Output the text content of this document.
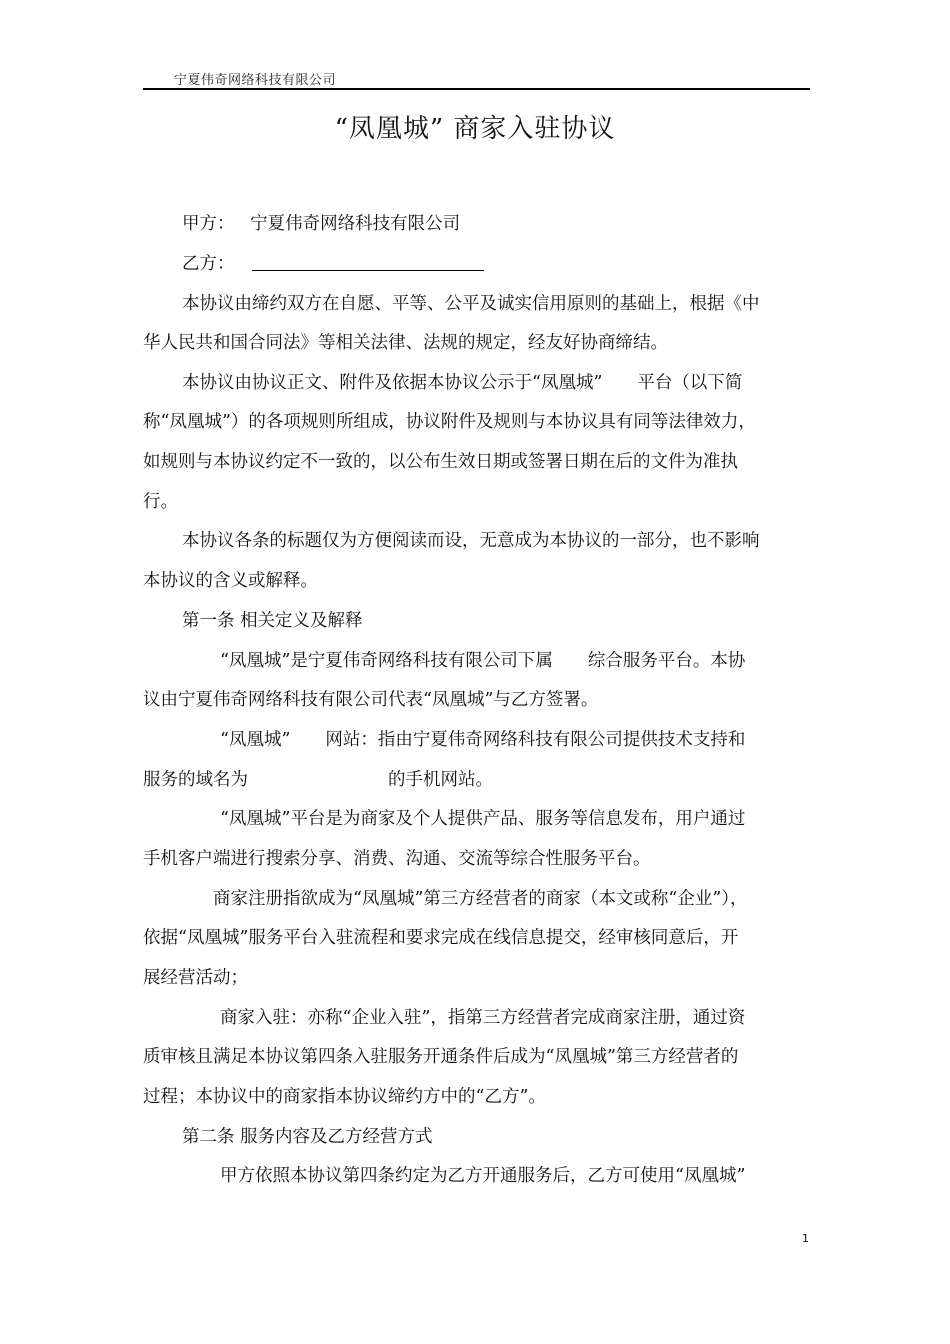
宁夏伟奇网络科技有限公司
“凤凰城” 商家入驻协议
甲方： 宁夏伟奇网络科技有限公司
乙方：
本协议由缔约双方在自愿、平等、公平及诚实信用原则的基础上，根据《中
华人民共和国合同法》等相关法律、法规的规定，经友好协商缔结。
本协议由协议正文、附件及依据本协议公示于“凤凰城”　　平台（以下简
称“凤凰城”）的各项规则所组成，协议附件及规则与本协议具有同等法律效力，
如规则与本协议约定不一致的，以公布生效日期或签署日期在后的文件为准执
行。
本协议各条的标题仅为方便阅读而设，无意成为本协议的一部分，也不影响
本协议的含义或解释。
第一条 相关定义及解释
“凤凰城”是宁夏伟奇网络科技有限公司下属　　综合服务平台。本协
议由宁夏伟奇网络科技有限公司代表“凤凰城”与乙方签署。
“凤凰城”　　网站：指由宁夏伟奇网络科技有限公司提供技术支持和
服务的域名为　　　　　　　　的手机网站。
“凤凰城”平台是为商家及个人提供产品、服务等信息发布，用户通过
手机客户端进行搜索分享、消费、沟通、交流等综合性服务平台。
商家注册指欲成为“凤凰城”第三方经营者的商家（本文或称“企业”），
依据“凤凰城”服务平台入驻流程和要求完成在线信息提交，经审核同意后，开
展经营活动；
商家入驻：亦称“企业入驻”，指第三方经营者完成商家注册，通过资
质审核且满足本协议第四条入驻服务开通条件后成为“凤凰城”第三方经营者的
过程；本协议中的商家指本协议缔约方中的“乙方”。
第二条 服务内容及乙方经营方式
甲方依照本协议第四条约定为乙方开通服务后，乙方可使用“凤凰城”
1
